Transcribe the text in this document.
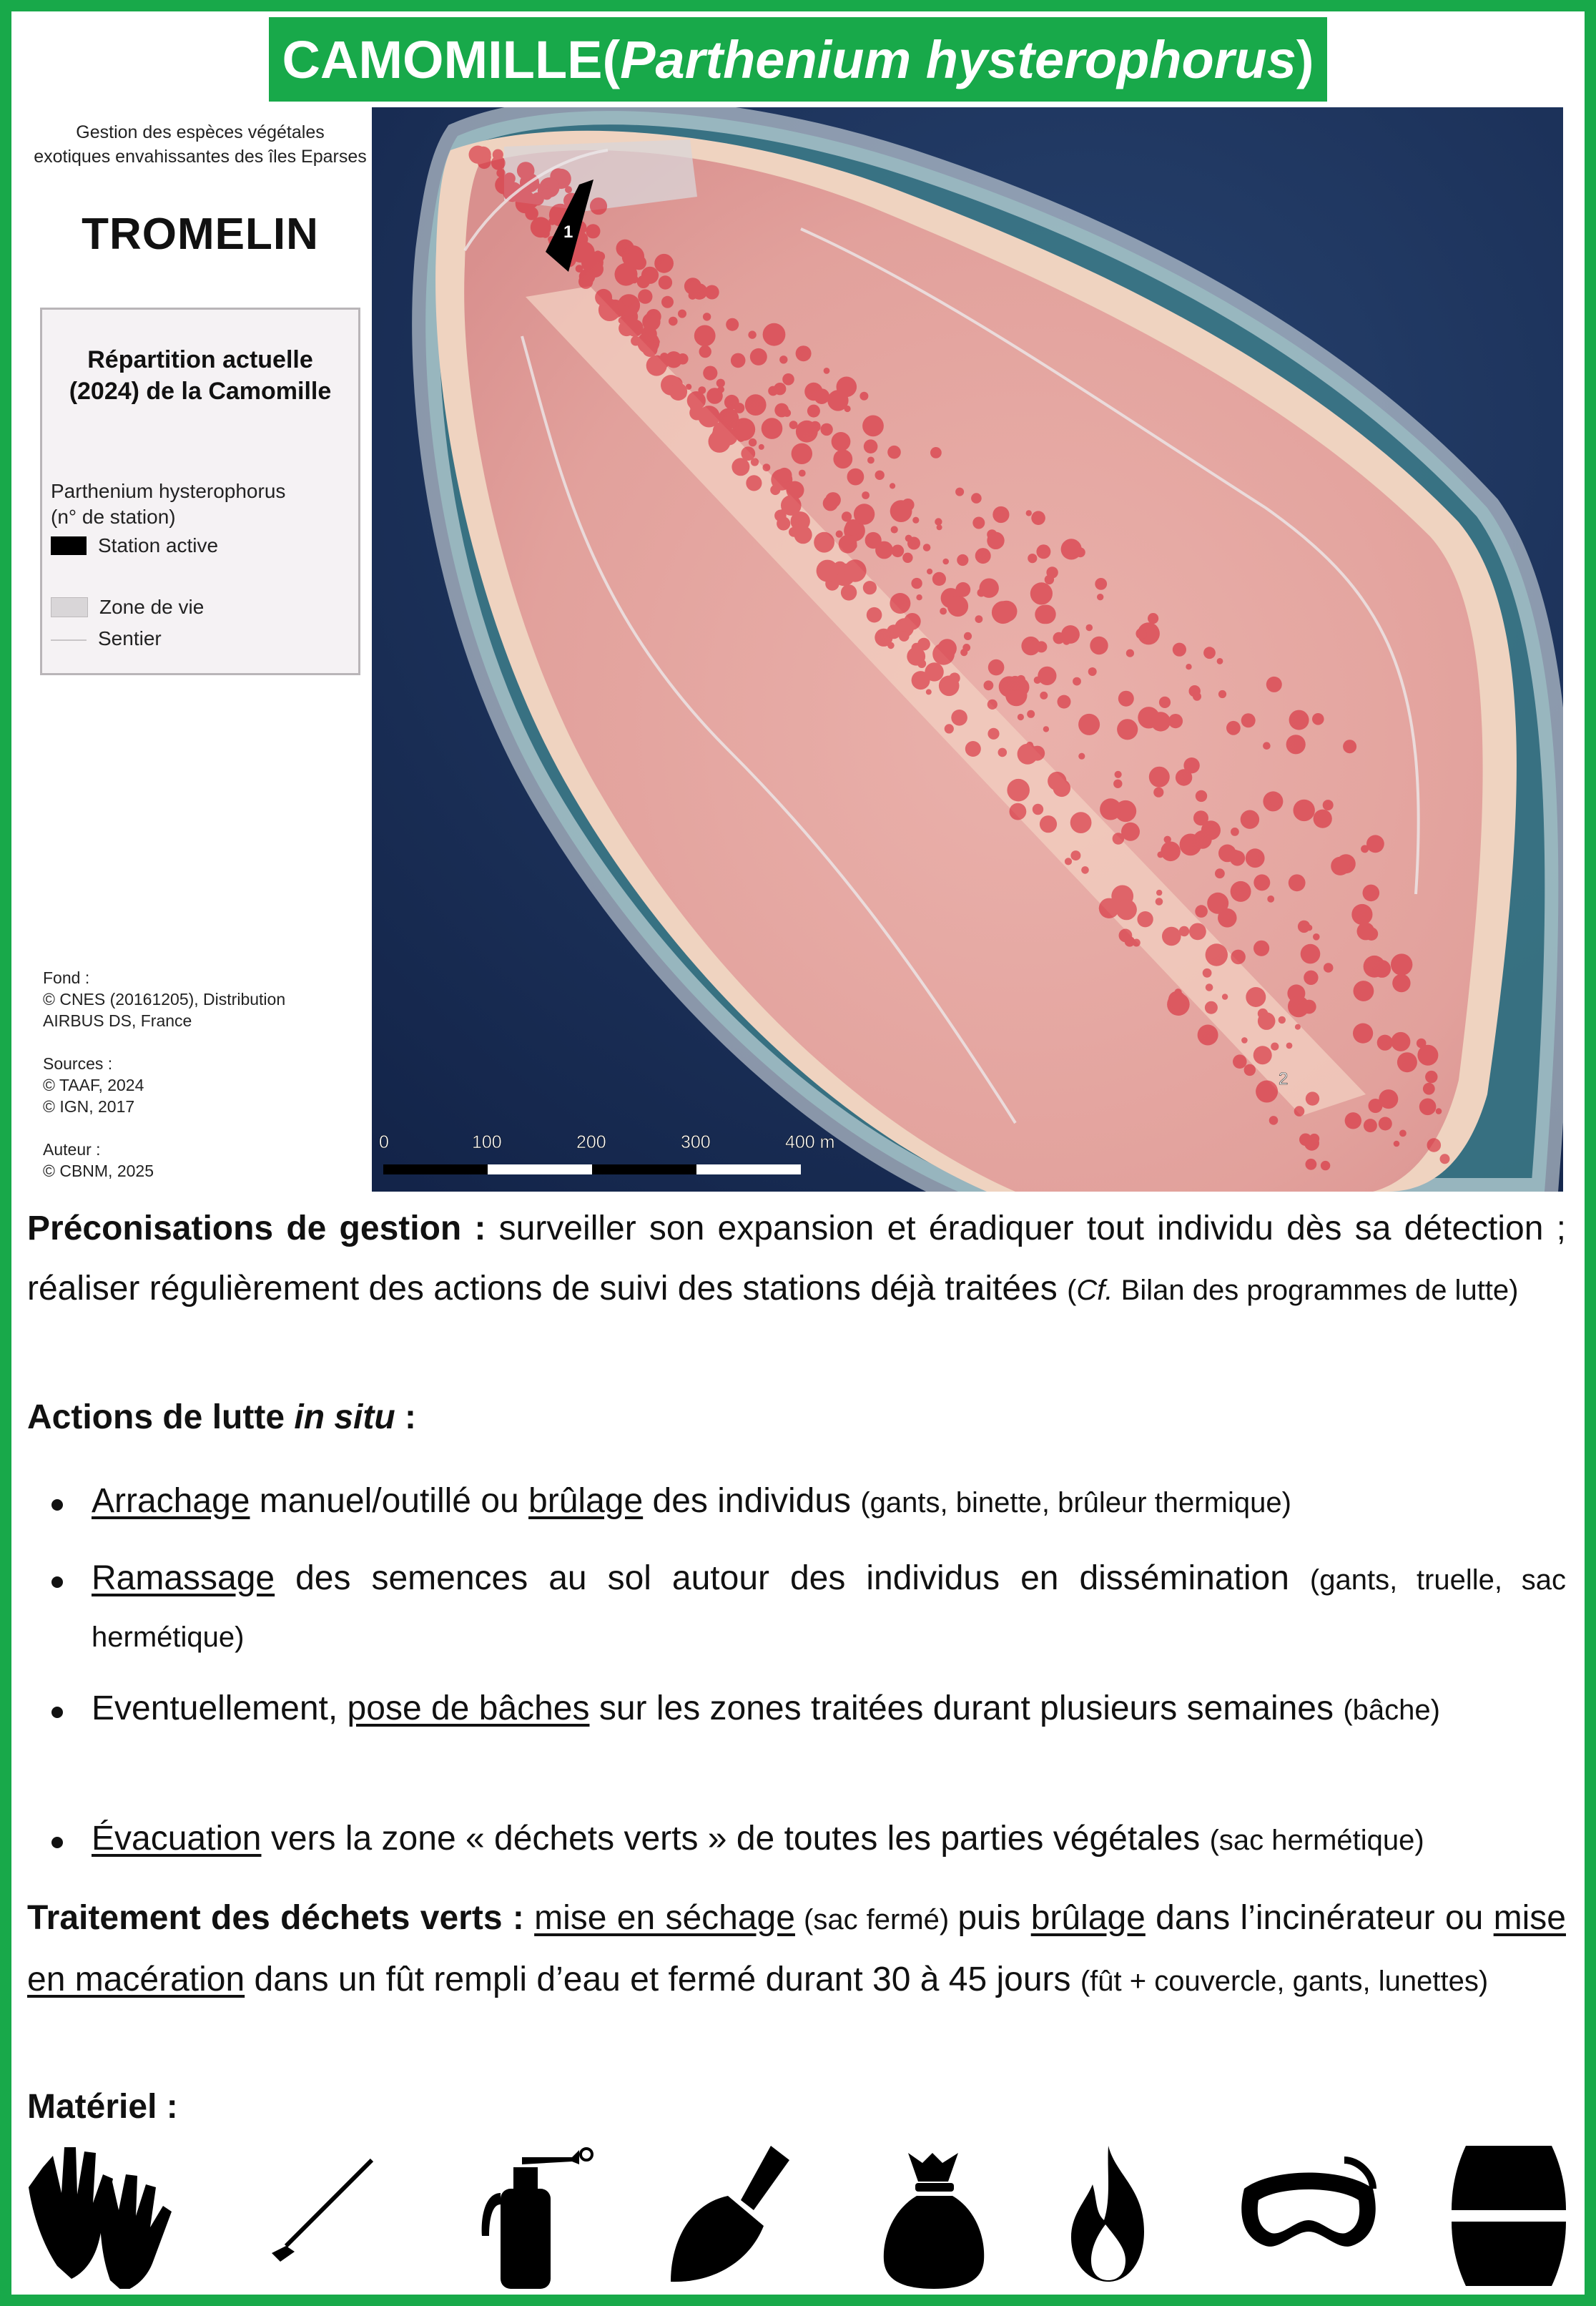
CAMOMILLE ( Parthenium hysterophorus )
Gestion des espèces végétales
exotiques envahissantes des îles Eparses
TROMELIN
Répartition actuelle
(2024) de la Camomille
Parthenium hysterophorus
(n° de station)
Station active
Zone de vie
Sentier
Fond :
© CNES (20161205), Distribution
AIRBUS DS, France
Sources :
© TAAF, 2024
© IGN, 2017
Auteur :
© CBNM, 2025
1
2
0	100	200	300	400 m
Préconisations de gestion : surveiller son expansion et éradiquer tout individu dès sa détection ; réaliser régulièrement des actions de suivi des stations déjà traitées (Cf. Bilan des programmes de lutte)
Actions de lutte in situ :
Arrachage manuel/outillé ou brûlage des individus (gants, binette, brûleur thermique)
Ramassage des semences au sol autour des individus en dissémination (gants, truelle, sac hermétique)
Eventuellement, pose de bâches sur les zones traitées durant plusieurs semaines (bâche)
Évacuation vers la zone « déchets verts » de toutes les parties végétales (sac hermétique)
Traitement des déchets verts : mise en séchage (sac fermé) puis brûlage dans l’incinérateur ou mise en macération dans un fût rempli d’eau et fermé durant 30 à 45 jours (fût + couvercle, gants, lunettes)
Matériel :
